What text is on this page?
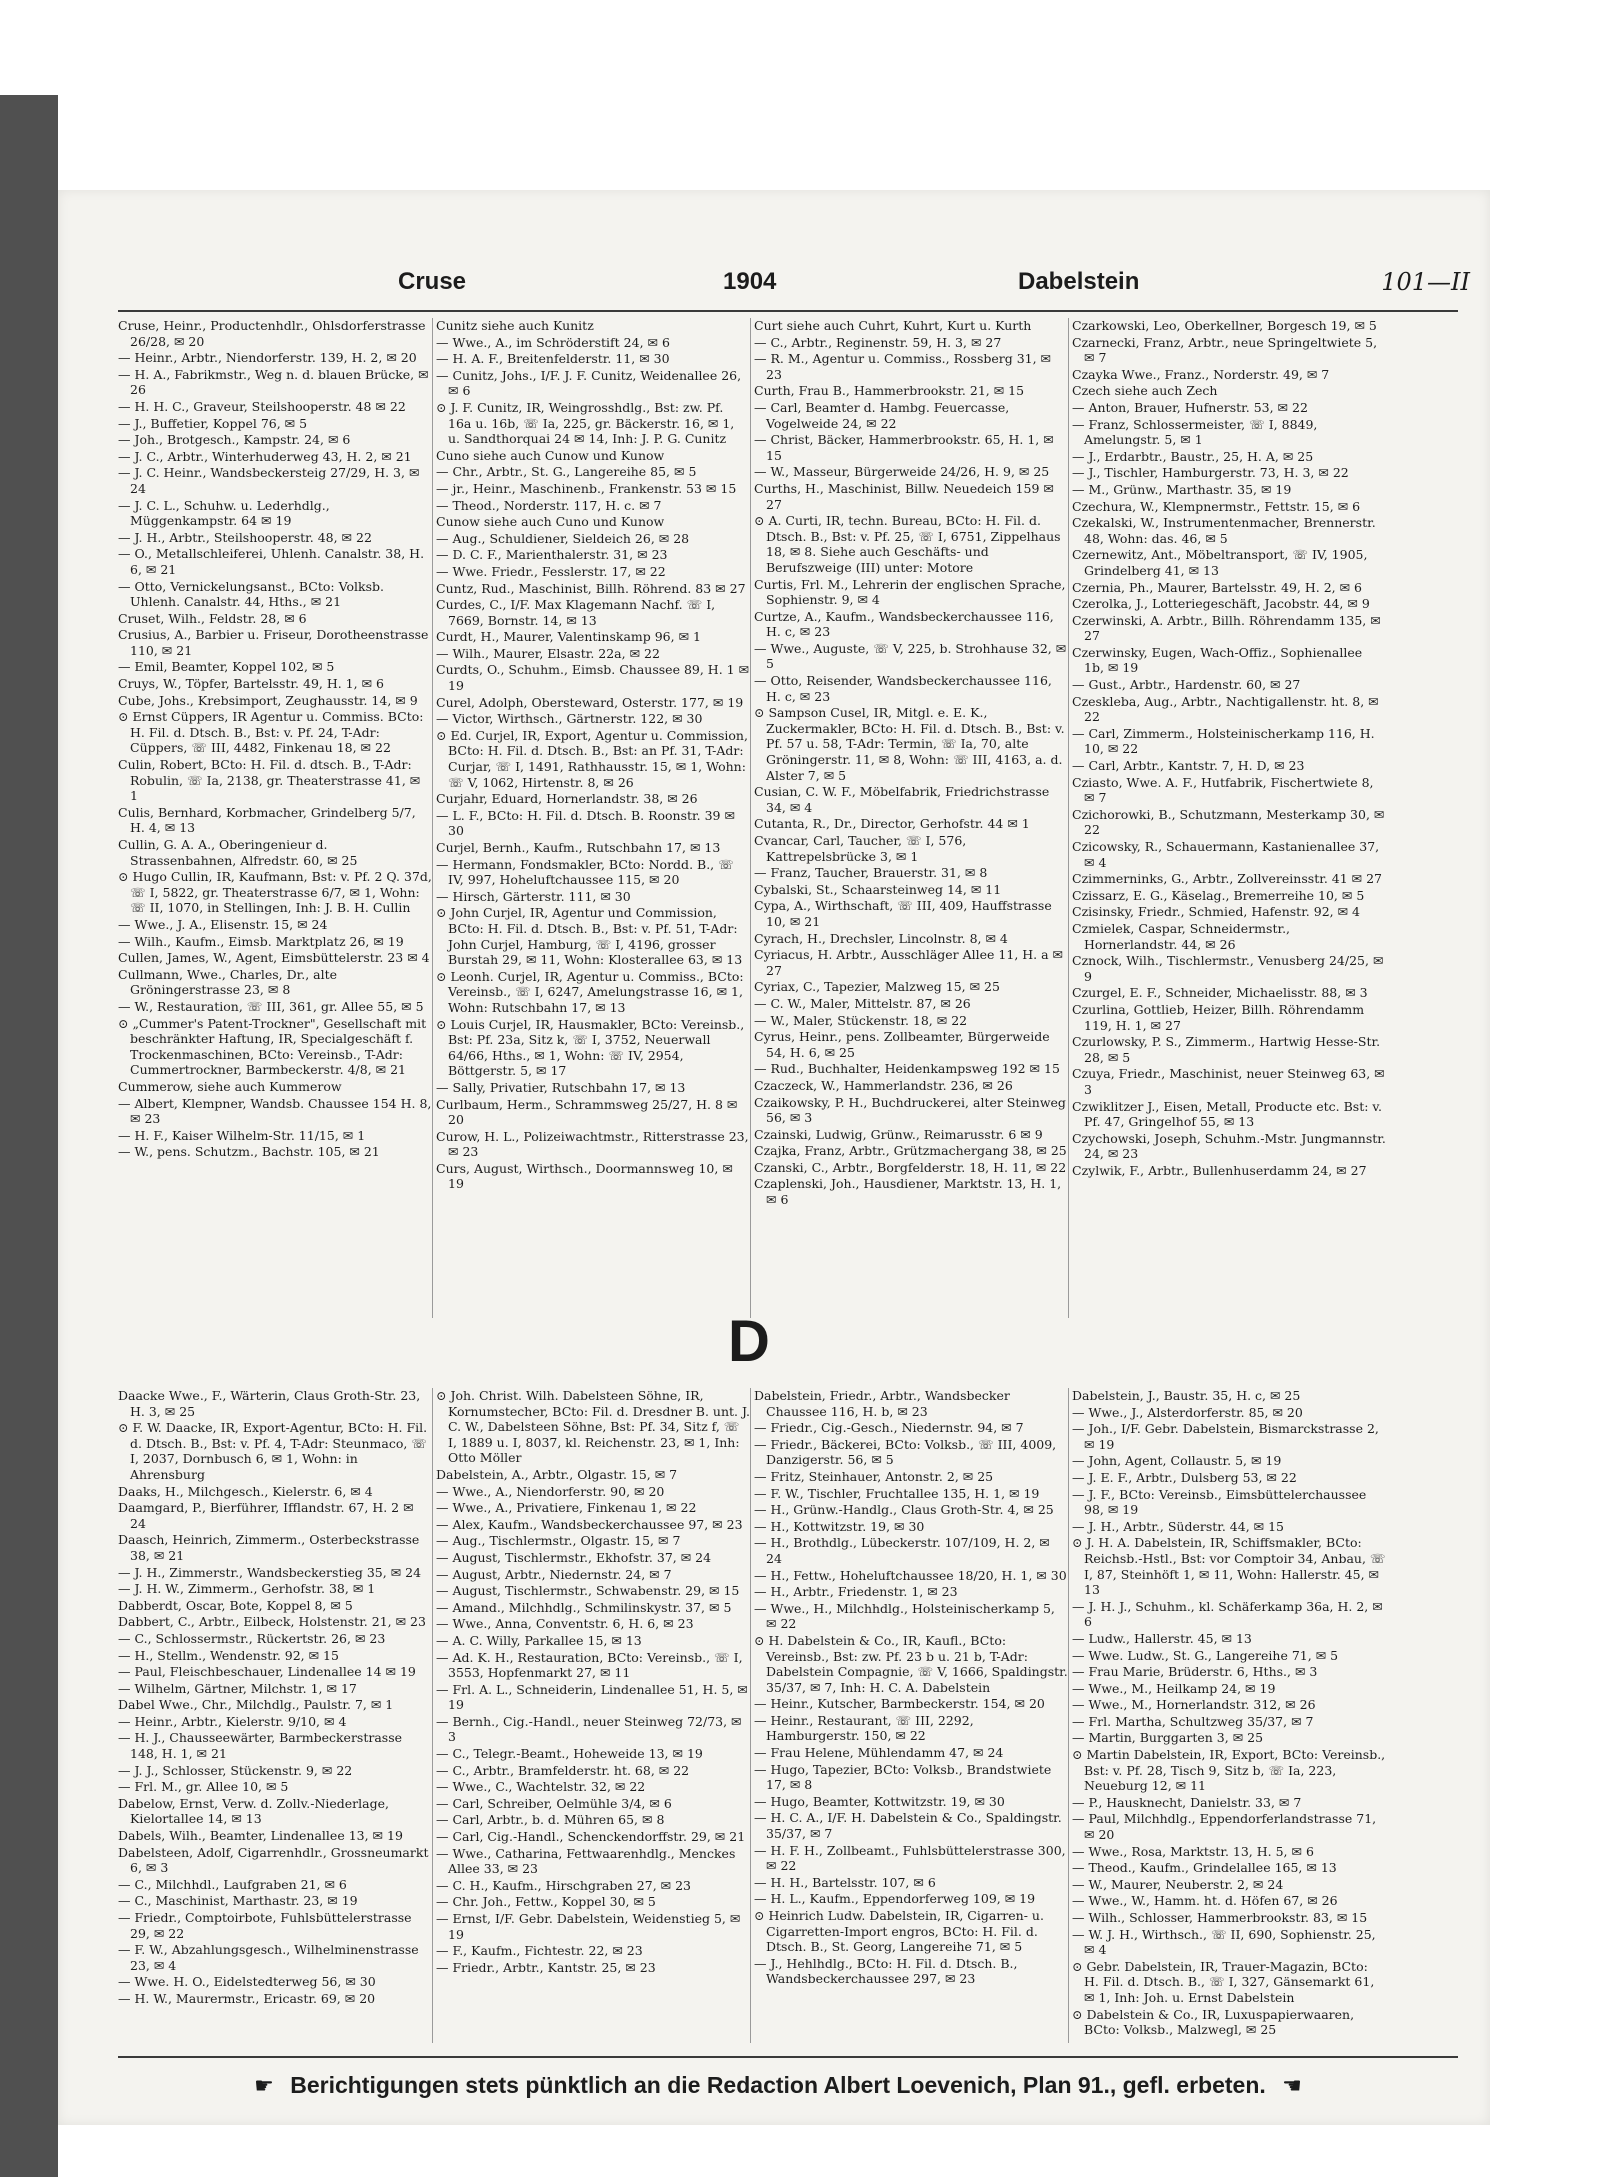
Cruse	1904	Dabelstein	101—II
Cruse, Heinr., Productenhdlr., Ohlsdorferstrasse 26/28, ✉ 20
— Heinr., Arbtr., Niendorferstr. 139, H. 2, ✉ 20
— H. A., Fabrikmstr., Weg n. d. blauen Brücke, ✉ 26
— H. H. C., Graveur, Steilshooperstr. 48 ✉ 22
— J., Buffetier, Koppel 76, ✉ 5
— Joh., Brotgesch., Kampstr. 24, ✉ 6
— J. C., Arbtr., Winterhuderweg 43, H. 2, ✉ 21
— J. C. Heinr., Wandsbeckersteig 27/29, H. 3, ✉ 24
— J. C. L., Schuhw. u. Lederhdlg., Müggenkampstr. 64 ✉ 19
— J. H., Arbtr., Steilshooperstr. 48, ✉ 22
— O., Metallschleiferei, Uhlenh. Canalstr. 38, H. 6, ✉ 21
— Otto, Vernickelungsanst., BCto: Volksb. Uhlenh. Canalstr. 44, Hths., ✉ 21
Cruset, Wilh., Feldstr. 28, ✉ 6
Crusius, A., Barbier u. Friseur, Dorotheenstrasse 110, ✉ 21
— Emil, Beamter, Koppel 102, ✉ 5
Cruys, W., Töpfer, Bartelsstr. 49, H. 1, ✉ 6
Cube, Johs., Krebsimport, Zeughausstr. 14, ✉ 9
⊙ Ernst Cüppers, IR Agentur u. Commiss. BCto: H. Fil. d. Dtsch. B., Bst: v. Pf. 24, T-Adr: Cüppers, ☏ III, 4482, Finkenau 18, ✉ 22
Culin, Robert, BCto: H. Fil. d. dtsch. B., T-Adr: Robulin, ☏ Ia, 2138, gr. Theaterstrasse 41, ✉ 1
Culis, Bernhard, Korbmacher, Grindelberg 5/7, H. 4, ✉ 13
Cullin, G. A. A., Oberingenieur d. Strassenbahnen, Alfredstr. 60, ✉ 25
⊙ Hugo Cullin, IR, Kaufmann, Bst: v. Pf. 2 Q. 37d, ☏ I, 5822, gr. Theaterstrasse 6/7, ✉ 1, Wohn: ☏ II, 1070, in Stellingen, Inh: J. B. H. Cullin
— Wwe., J. A., Elisenstr. 15, ✉ 24
— Wilh., Kaufm., Eimsb. Marktplatz 26, ✉ 19
Cullen, James, W., Agent, Eimsbüttelerstr. 23 ✉ 4
Cullmann, Wwe., Charles, Dr., alte Gröningerstrasse 23, ✉ 8
— W., Restauration, ☏ III, 361, gr. Allee 55, ✉ 5
⊙ „Cummer's Patent-Trockner", Gesellschaft mit beschränkter Haftung, IR, Specialgeschäft f. Trockenmaschinen, BCto: Vereinsb., T-Adr: Cummertrockner, Barmbeckerstr. 4/8, ✉ 21
Cummerow, siehe auch Kummerow
— Albert, Klempner, Wandsb. Chaussee 154 H. 8, ✉ 23
— H. F., Kaiser Wilhelm-Str. 11/15, ✉ 1
— W., pens. Schutzm., Bachstr. 105, ✉ 21
Cunitz siehe auch Kunitz
— Wwe., A., im Schröderstift 24, ✉ 6
— H. A. F., Breitenfelderstr. 11, ✉ 30
— Cunitz, Johs., I/F. J. F. Cunitz, Weidenallee 26, ✉ 6
⊙ J. F. Cunitz, IR, Weingrosshdlg., Bst: zw. Pf. 16a u. 16b, ☏ Ia, 225, gr. Bäckerstr. 16, ✉ 1, u. Sandthorquai 24 ✉ 14, Inh: J. P. G. Cunitz
Cuno siehe auch Cunow und Kunow
— Chr., Arbtr., St. G., Langereihe 85, ✉ 5
— jr., Heinr., Maschinenb., Frankenstr. 53 ✉ 15
— Theod., Norderstr. 117, H. c. ✉ 7
Cunow siehe auch Cuno und Kunow
— Aug., Schuldiener, Sieldeich 26, ✉ 28
— D. C. F., Marienthalerstr. 31, ✉ 23
— Wwe. Friedr., Fesslerstr. 17, ✉ 22
Cuntz, Rud., Maschinist, Billh. Röhrend. 83 ✉ 27
Curdes, C., I/F. Max Klagemann Nachf. ☏ I, 7669, Bornstr. 14, ✉ 13
Curdt, H., Maurer, Valentinskamp 96, ✉ 1
— Wilh., Maurer, Elsastr. 22a, ✉ 22
Curdts, O., Schuhm., Eimsb. Chaussee 89, H. 1 ✉ 19
Curel, Adolph, Obersteward, Osterstr. 177, ✉ 19
— Victor, Wirthsch., Gärtnerstr. 122, ✉ 30
⊙ Ed. Curjel, IR, Export, Agentur u. Commission, BCto: H. Fil. d. Dtsch. B., Bst: an Pf. 31, T-Adr: Curjar, ☏ I, 1491, Rathhausstr. 15, ✉ 1, Wohn: ☏ V, 1062, Hirtenstr. 8, ✉ 26
Curjahr, Eduard, Hornerlandstr. 38, ✉ 26
— L. F., BCto: H. Fil. d. Dtsch. B. Roonstr. 39 ✉ 30
Curjel, Bernh., Kaufm., Rutschbahn 17, ✉ 13
— Hermann, Fondsmakler, BCto: Nordd. B., ☏ IV, 997, Hoheluftchaussee 115, ✉ 20
— Hirsch, Gärterstr. 111, ✉ 30
⊙ John Curjel, IR, Agentur und Commission, BCto: H. Fil. d. Dtsch. B., Bst: v. Pf. 51, T-Adr: John Curjel, Hamburg, ☏ I, 4196, grosser Burstah 29, ✉ 11, Wohn: Klosterallee 63, ✉ 13
⊙ Leonh. Curjel, IR, Agentur u. Commiss., BCto: Vereinsb., ☏ I, 6247, Amelungstrasse 16, ✉ 1, Wohn: Rutschbahn 17, ✉ 13
⊙ Louis Curjel, IR, Hausmakler, BCto: Vereinsb., Bst: Pf. 23a, Sitz k, ☏ I, 3752, Neuerwall 64/66, Hths., ✉ 1, Wohn: ☏ IV, 2954, Böttgerstr. 5, ✉ 17
— Sally, Privatier, Rutschbahn 17, ✉ 13
Curlbaum, Herm., Schrammsweg 25/27, H. 8 ✉ 20
Curow, H. L., Polizeiwachtmstr., Ritterstrasse 23, ✉ 23
Curs, August, Wirthsch., Doormannsweg 10, ✉ 19
Curt siehe auch Cuhrt, Kuhrt, Kurt u. Kurth
— C., Arbtr., Reginenstr. 59, H. 3, ✉ 27
— R. M., Agentur u. Commiss., Rossberg 31, ✉ 23
Curth, Frau B., Hammerbrookstr. 21, ✉ 15
— Carl, Beamter d. Hambg. Feuercasse, Vogelweide 24, ✉ 22
— Christ, Bäcker, Hammerbrookstr. 65, H. 1, ✉ 15
— W., Masseur, Bürgerweide 24/26, H. 9, ✉ 25
Curths, H., Maschinist, Billw. Neuedeich 159 ✉ 27
⊙ A. Curti, IR, techn. Bureau, BCto: H. Fil. d. Dtsch. B., Bst: v. Pf. 25, ☏ I, 6751, Zippelhaus 18, ✉ 8. Siehe auch Geschäfts- und Berufszweige (III) unter: Motore
Curtis, Frl. M., Lehrerin der englischen Sprache, Sophienstr. 9, ✉ 4
Curtze, A., Kaufm., Wandsbeckerchaussee 116, H. c, ✉ 23
— Wwe., Auguste, ☏ V, 225, b. Strohhause 32, ✉ 5
— Otto, Reisender, Wandsbeckerchaussee 116, H. c, ✉ 23
⊙ Sampson Cusel, IR, Mitgl. e. E. K., Zuckermakler, BCto: H. Fil. d. Dtsch. B., Bst: v. Pf. 57 u. 58, T-Adr: Termin, ☏ Ia, 70, alte Gröningerstr. 11, ✉ 8, Wohn: ☏ III, 4163, a. d. Alster 7, ✉ 5
Cusian, C. W. F., Möbelfabrik, Friedrichstrasse 34, ✉ 4
Cutanta, R., Dr., Director, Gerhofstr. 44 ✉ 1
Cvancar, Carl, Taucher, ☏ I, 576, Kattrepelsbrücke 3, ✉ 1
— Franz, Taucher, Brauerstr. 31, ✉ 8
Cybalski, St., Schaarsteinweg 14, ✉ 11
Cypa, A., Wirthschaft, ☏ III, 409, Hauffstrasse 10, ✉ 21
Cyrach, H., Drechsler, Lincolnstr. 8, ✉ 4
Cyriacus, H. Arbtr., Ausschläger Allee 11, H. a ✉ 27
Cyriax, C., Tapezier, Malzweg 15, ✉ 25
— C. W., Maler, Mittelstr. 87, ✉ 26
— W., Maler, Stückenstr. 18, ✉ 22
Cyrus, Heinr., pens. Zollbeamter, Bürgerweide 54, H. 6, ✉ 25
— Rud., Buchhalter, Heidenkampsweg 192 ✉ 15
Czaczeck, W., Hammerlandstr. 236, ✉ 26
Czaikowsky, P. H., Buchdruckerei, alter Steinweg 56, ✉ 3
Czainski, Ludwig, Grünw., Reimarusstr. 6 ✉ 9
Czajka, Franz, Arbtr., Grützmachergang 38, ✉ 25
Czanski, C., Arbtr., Borgfelderstr. 18, H. 11, ✉ 22
Czaplenski, Joh., Hausdiener, Marktstr. 13, H. 1, ✉ 6
Czarkowski, Leo, Oberkellner, Borgesch 19, ✉ 5
Czarnecki, Franz, Arbtr., neue Springeltwiete 5, ✉ 7
Czayka Wwe., Franz., Norderstr. 49, ✉ 7
Czech siehe auch Zech
— Anton, Brauer, Hufnerstr. 53, ✉ 22
— Franz, Schlossermeister, ☏ I, 8849, Amelungstr. 5, ✉ 1
— J., Erdarbtr., Baustr., 25, H. A, ✉ 25
— J., Tischler, Hamburgerstr. 73, H. 3, ✉ 22
— M., Grünw., Marthastr. 35, ✉ 19
Czechura, W., Klempnermstr., Fettstr. 15, ✉ 6
Czekalski, W., Instrumentenmacher, Brennerstr. 48, Wohn: das. 46, ✉ 5
Czernewitz, Ant., Möbeltransport, ☏ IV, 1905, Grindelberg 41, ✉ 13
Czernia, Ph., Maurer, Bartelsstr. 49, H. 2, ✉ 6
Czerolka, J., Lotteriegeschäft, Jacobstr. 44, ✉ 9
Czerwinski, A. Arbtr., Billh. Röhrendamm 135, ✉ 27
Czerwinsky, Eugen, Wach-Offiz., Sophienallee 1b, ✉ 19
— Gust., Arbtr., Hardenstr. 60, ✉ 27
Czeskleba, Aug., Arbtr., Nachtigallenstr. ht. 8, ✉ 22
— Carl, Zimmerm., Holsteinischerkamp 116, H. 10, ✉ 22
— Carl, Arbtr., Kantstr. 7, H. D, ✉ 23
Cziasto, Wwe. A. F., Hutfabrik, Fischertwiete 8, ✉ 7
Czichorowki, B., Schutzmann, Mesterkamp 30, ✉ 22
Czicowsky, R., Schauermann, Kastanienallee 37, ✉ 4
Czimmerninks, G., Arbtr., Zollvereinsstr. 41 ✉ 27
Czissarz, E. G., Käselag., Bremerreihe 10, ✉ 5
Czisinsky, Friedr., Schmied, Hafenstr. 92, ✉ 4
Czmielek, Caspar, Schneidermstr., Hornerlandstr. 44, ✉ 26
Cznock, Wilh., Tischlermstr., Venusberg 24/25, ✉ 9
Czurgel, E. F., Schneider, Michaelisstr. 88, ✉ 3
Czurlina, Gottlieb, Heizer, Billh. Röhrendamm 119, H. 1, ✉ 27
Czurlowsky, P. S., Zimmerm., Hartwig Hesse-Str. 28, ✉ 5
Czuya, Friedr., Maschinist, neuer Steinweg 63, ✉ 3
Czwiklitzer J., Eisen, Metall, Producte etc. Bst: v. Pf. 47, Gringelhof 55, ✉ 13
Czychowski, Joseph, Schuhm.-Mstr. Jungmannstr. 24, ✉ 23
Czylwik, F., Arbtr., Bullenhuserdamm 24, ✉ 27
D
Daacke Wwe., F., Wärterin, Claus Groth-Str. 23, H. 3, ✉ 25
⊙ F. W. Daacke, IR, Export-Agentur, BCto: H. Fil. d. Dtsch. B., Bst: v. Pf. 4, T-Adr: Steunmaco, ☏ I, 2037, Dornbusch 6, ✉ 1, Wohn: in Ahrensburg
Daaks, H., Milchgesch., Kielerstr. 6, ✉ 4
Daamgard, P., Bierführer, Ifflandstr. 67, H. 2 ✉ 24
Daasch, Heinrich, Zimmerm., Osterbeckstrasse 38, ✉ 21
— J. H., Zimmerstr., Wandsbeckerstieg 35, ✉ 24
— J. H. W., Zimmerm., Gerhofstr. 38, ✉ 1
Dabberdt, Oscar, Bote, Koppel 8, ✉ 5
Dabbert, C., Arbtr., Eilbeck, Holstenstr. 21, ✉ 23
— C., Schlossermstr., Rückertstr. 26, ✉ 23
— H., Stellm., Wendenstr. 92, ✉ 15
— Paul, Fleischbeschauer, Lindenallee 14 ✉ 19
— Wilhelm, Gärtner, Milchstr. 1, ✉ 17
Dabel Wwe., Chr., Milchdlg., Paulstr. 7, ✉ 1
— Heinr., Arbtr., Kielerstr. 9/10, ✉ 4
— H. J., Chausseewärter, Barmbeckerstrasse 148, H. 1, ✉ 21
— J. J., Schlosser, Stückenstr. 9, ✉ 22
— Frl. M., gr. Allee 10, ✉ 5
Dabelow, Ernst, Verw. d. Zollv.-Niederlage, Kielortallee 14, ✉ 13
Dabels, Wilh., Beamter, Lindenallee 13, ✉ 19
Dabelsteen, Adolf, Cigarrenhdlr., Grossneumarkt 6, ✉ 3
— C., Milchhdl., Laufgraben 21, ✉ 6
— C., Maschinist, Marthastr. 23, ✉ 19
— Friedr., Comptoirbote, Fuhlsbüttelerstrasse 29, ✉ 22
— F. W., Abzahlungsgesch., Wilhelminenstrasse 23, ✉ 4
— Wwe. H. O., Eidelstedterweg 56, ✉ 30
— H. W., Maurermstr., Ericastr. 69, ✉ 20
⊙ Joh. Christ. Wilh. Dabelsteen Söhne, IR, Kornumstecher, BCto: Fil. d. Dresdner B. unt. J. C. W., Dabelsteen Söhne, Bst: Pf. 34, Sitz f, ☏ I, 1889 u. I, 8037, kl. Reichenstr. 23, ✉ 1, Inh: Otto Möller
Dabelstein, A., Arbtr., Olgastr. 15, ✉ 7
— Wwe., A., Niendorferstr. 90, ✉ 20
— Wwe., A., Privatiere, Finkenau 1, ✉ 22
— Alex, Kaufm., Wandsbeckerchaussee 97, ✉ 23
— Aug., Tischlermstr., Olgastr. 15, ✉ 7
— August, Tischlermstr., Ekhofstr. 37, ✉ 24
— August, Arbtr., Niedernstr. 24, ✉ 7
— August, Tischlermstr., Schwabenstr. 29, ✉ 15
— Amand., Milchhdlg., Schmilinskystr. 37, ✉ 5
— Wwe., Anna, Conventstr. 6, H. 6, ✉ 23
— A. C. Willy, Parkallee 15, ✉ 13
— Ad. K. H., Restauration, BCto: Vereinsb., ☏ I, 3553, Hopfenmarkt 27, ✉ 11
— Frl. A. L., Schneiderin, Lindenallee 51, H. 5, ✉ 19
— Bernh., Cig.-Handl., neuer Steinweg 72/73, ✉ 3
— C., Telegr.-Beamt., Hoheweide 13, ✉ 19
— C., Arbtr., Bramfelderstr. ht. 68, ✉ 22
— Wwe., C., Wachtelstr. 32, ✉ 22
— Carl, Schreiber, Oelmühle 3/4, ✉ 6
— Carl, Arbtr., b. d. Mühren 65, ✉ 8
— Carl, Cig.-Handl., Schenckendorffstr. 29, ✉ 21
— Wwe., Catharina, Fettwaarenhdlg., Menckes Allee 33, ✉ 23
— C. H., Kaufm., Hirschgraben 27, ✉ 23
— Chr. Joh., Fettw., Koppel 30, ✉ 5
— Ernst, I/F. Gebr. Dabelstein, Weidenstieg 5, ✉ 19
— F., Kaufm., Fichtestr. 22, ✉ 23
— Friedr., Arbtr., Kantstr. 25, ✉ 23
Dabelstein, Friedr., Arbtr., Wandsbecker Chaussee 116, H. b, ✉ 23
— Friedr., Cig.-Gesch., Niedernstr. 94, ✉ 7
— Friedr., Bäckerei, BCto: Volksb., ☏ III, 4009, Danzigerstr. 56, ✉ 5
— Fritz, Steinhauer, Antonstr. 2, ✉ 25
— F. W., Tischler, Fruchtallee 135, H. 1, ✉ 19
— H., Grünw.-Handlg., Claus Groth-Str. 4, ✉ 25
— H., Kottwitzstr. 19, ✉ 30
— H., Brothdlg., Lübeckerstr. 107/109, H. 2, ✉ 24
— H., Fettw., Hoheluftchaussee 18/20, H. 1, ✉ 30
— H., Arbtr., Friedenstr. 1, ✉ 23
— Wwe., H., Milchhdlg., Holsteinischerkamp 5, ✉ 22
⊙ H. Dabelstein & Co., IR, Kaufl., BCto: Vereinsb., Bst: zw. Pf. 23 b u. 21 b, T-Adr: Dabelstein Compagnie, ☏ V, 1666, Spaldingstr. 35/37, ✉ 7, Inh: H. C. A. Dabelstein
— Heinr., Kutscher, Barmbeckerstr. 154, ✉ 20
— Heinr., Restaurant, ☏ III, 2292, Hamburgerstr. 150, ✉ 22
— Frau Helene, Mühlendamm 47, ✉ 24
— Hugo, Tapezier, BCto: Volksb., Brandstwiete 17, ✉ 8
— Hugo, Beamter, Kottwitzstr. 19, ✉ 30
— H. C. A., I/F. H. Dabelstein & Co., Spaldingstr. 35/37, ✉ 7
— H. F. H., Zollbeamt., Fuhlsbüttelerstrasse 300, ✉ 22
— H. H., Bartelsstr. 107, ✉ 6
— H. L., Kaufm., Eppendorferweg 109, ✉ 19
⊙ Heinrich Ludw. Dabelstein, IR, Cigarren- u. Cigarretten-Import engros, BCto: H. Fil. d. Dtsch. B., St. Georg, Langereihe 71, ✉ 5
— J., Hehlhdlg., BCto: H. Fil. d. Dtsch. B., Wandsbeckerchaussee 297, ✉ 23
Dabelstein, J., Baustr. 35, H. c, ✉ 25
— Wwe., J., Alsterdorferstr. 85, ✉ 20
— Joh., I/F. Gebr. Dabelstein, Bismarckstrasse 2, ✉ 19
— John, Agent, Collaustr. 5, ✉ 19
— J. E. F., Arbtr., Dulsberg 53, ✉ 22
— J. F., BCto: Vereinsb., Eimsbüttelerchaussee 98, ✉ 19
— J. H., Arbtr., Süderstr. 44, ✉ 15
⊙ J. H. A. Dabelstein, IR, Schiffsmakler, BCto: Reichsb.-Hstl., Bst: vor Comptoir 34, Anbau, ☏ I, 87, Steinhöft 1, ✉ 11, Wohn: Hallerstr. 45, ✉ 13
— J. H. J., Schuhm., kl. Schäferkamp 36a, H. 2, ✉ 6
— Ludw., Hallerstr. 45, ✉ 13
— Wwe. Ludw., St. G., Langereihe 71, ✉ 5
— Frau Marie, Brüderstr. 6, Hths., ✉ 3
— Wwe., M., Heilkamp 24, ✉ 19
— Wwe., M., Hornerlandstr. 312, ✉ 26
— Frl. Martha, Schultzweg 35/37, ✉ 7
— Martin, Burggarten 3, ✉ 25
⊙ Martin Dabelstein, IR, Export, BCto: Vereinsb., Bst: v. Pf. 28, Tisch 9, Sitz b, ☏ Ia, 223, Neueburg 12, ✉ 11
— P., Hausknecht, Danielstr. 33, ✉ 7
— Paul, Milchhdlg., Eppendorferlandstrasse 71, ✉ 20
— Wwe., Rosa, Marktstr. 13, H. 5, ✉ 6
— Theod., Kaufm., Grindelallee 165, ✉ 13
— W., Maurer, Neuberstr. 2, ✉ 24
— Wwe., W., Hamm. ht. d. Höfen 67, ✉ 26
— Wilh., Schlosser, Hammerbrookstr. 83, ✉ 15
— W. J. H., Wirthsch., ☏ II, 690, Sophienstr. 25, ✉ 4
⊙ Gebr. Dabelstein, IR, Trauer-Magazin, BCto: H. Fil. d. Dtsch. B., ☏ I, 327, Gänsemarkt 61, ✉ 1, Inh: Joh. u. Ernst Dabelstein
⊙ Dabelstein & Co., IR, Luxuspapierwaaren, BCto: Volksb., Malzwegl, ✉ 25
☛ Berichtigungen stets pünktlich an die Redaction Albert Loevenich, Plan 91., gefl. erbeten. ☚
